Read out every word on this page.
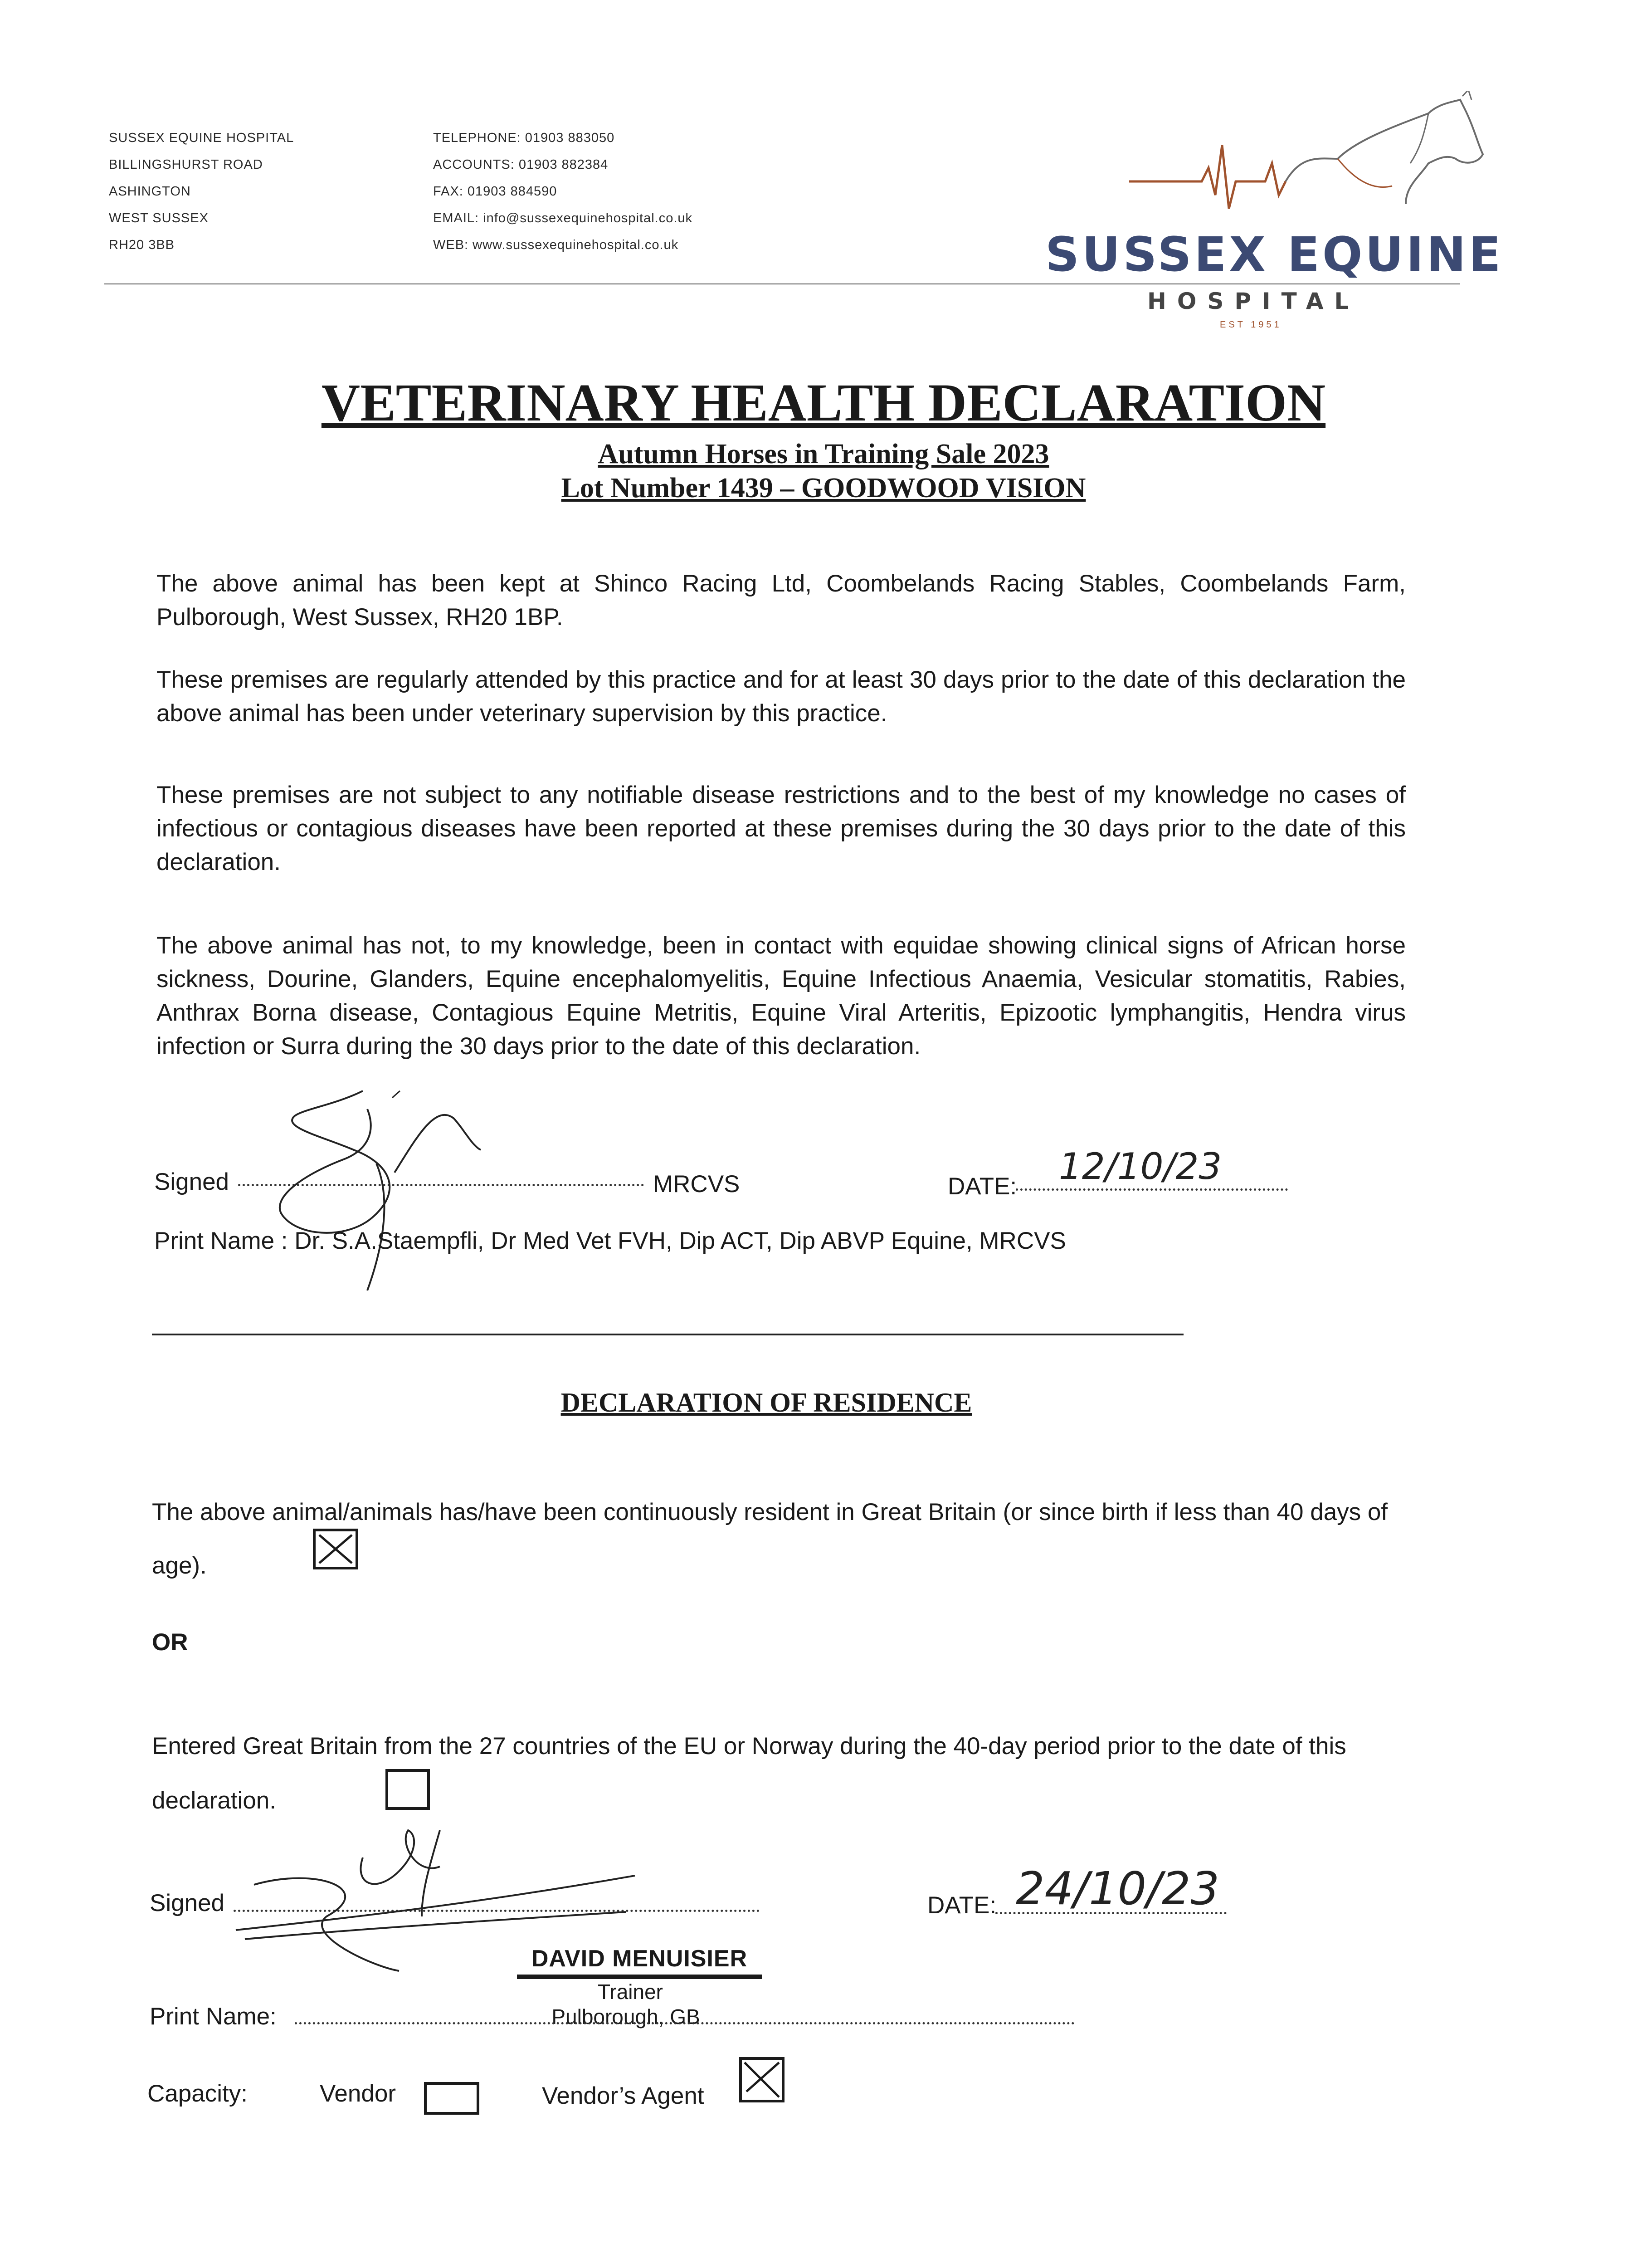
SUSSEX EQUINE HOSPITAL
BILLINGSHURST ROAD
ASHINGTON
WEST SUSSEX
RH20 3BB
TELEPHONE: 01903 883050
ACCOUNTS: 01903 882384
FAX: 01903 884590
EMAIL: info@sussexequinehospital.co.uk
WEB: www.sussexequinehospital.co.uk	SUSSEX EQUINE
HOSPITAL
EST 1951
VETERINARY HEALTH DECLARATION
Autumn Horses in Training Sale 2023
Lot Number 1439 – GOODWOOD VISION
The above animal has been kept at Shinco Racing Ltd, Coombelands Racing Stables, Coombelands Farm, Pulborough, West Sussex, RH20 1BP.
These premises are regularly attended by this practice and for at least 30 days prior to the date of this declaration the above animal has been under veterinary supervision by this practice.
These premises are not subject to any notifiable disease restrictions and to the best of my knowledge no cases of infectious or contagious diseases have been reported at these premises during the 30 days prior to the date of this declaration.
The above animal has not, to my knowledge, been in contact with equidae showing clinical signs of African horse sickness, Dourine, Glanders, Equine encephalomyelitis, Equine Infectious Anaemia, Vesicular stomatitis, Rabies, Anthrax Borna disease, Contagious Equine Metritis, Equine Viral Arteritis, Epizootic lymphangitis, Hendra virus infection or Surra during the 30 days prior to the date of this declaration.
Signed	MRCVS	DATE: 12/10/23
Print Name : Dr. S.A.Staempfli, Dr Med Vet FVH, Dip ACT, Dip ABVP Equine, MRCVS
DECLARATION OF RESIDENCE
The above animal/animals has/have been continuously resident in Great Britain (or since birth if less than 40 days of age).
OR
Entered Great Britain from the 27 countries of the EU or Norway during the 40-day period prior to the date of this declaration.
Signed	DATE: 24/10/23
DAVID MENUISIER
Trainer
Pulborough, GB
Print Name:
Capacity:	Vendor	Vendor’s Agent
